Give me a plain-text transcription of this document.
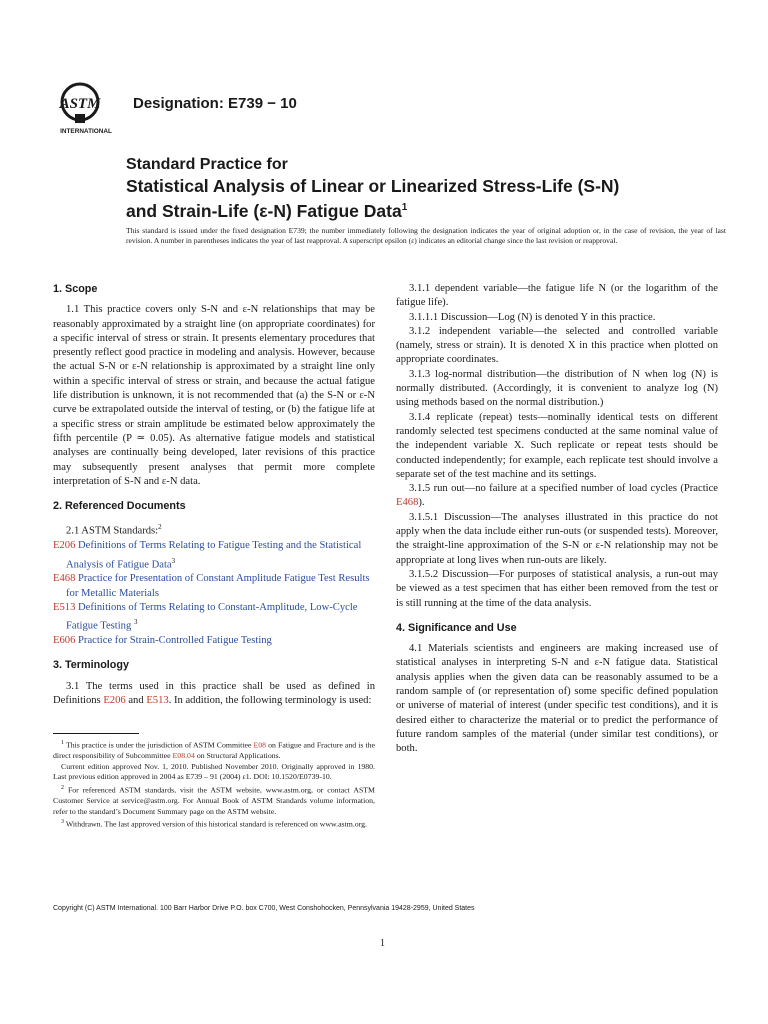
ASTM
INTERNATIONAL
Designation: E739 − 10

Standard Practice for

Statistical Analysis of Linear or Linearized Stress-Life (S-N)

and Strain-Life (ε-N) Fatigue Data$^1$

This standard is issued under the fixed designation E739; the number immediately following the designation indicates the year of original adoption or, in the case of revision, the year of last revision. A number in parentheses indicates the year of last reapproval. A superscript epsilon (ε) indicates an editorial change since the last revision or reapproval.

1. Scope

1.1 This practice covers only S-N and ε-N relationships that may be reasonably approximated by a straight line (on appropriate coordinates) for a specific interval of stress or strain. It presents elementary procedures that presently reflect good practice in modeling and analysis. However, because the actual S-N or ε-N relationship is approximated by a straight line only within a specific interval of stress or strain, and because the actual fatigue life distribution is unknown, it is not recommended that (a) the S-N or ε-N curve be extrapolated outside the interval of testing, or (b) the fatigue life at a specific stress or strain amplitude be estimated below approximately the fifth percentile (P ≃ 0.05). As alternative fatigue models and statistical analyses are continually being developed, later revisions of this practice may subsequently present analyses that permit more complete interpretation of S-N and ε-N data.

2. Referenced Documents

2.1 ASTM Standards:$^2$

E206 Definitions of Terms Relating to Fatigue Testing and the Statistical Analysis of Fatigue Data$^3$

E468 Practice for Presentation of Constant Amplitude Fatigue Test Results for Metallic Materials

E513 Definitions of Terms Relating to Constant-Amplitude, Low-Cycle Fatigue Testing $^3$

E606 Practice for Strain-Controlled Fatigue Testing

3. Terminology

3.1 The terms used in this practice shall be used as defined in Definitions E206 and E513. In addition, the following terminology is used:

3.1.1 dependent variable—the fatigue life N (or the logarithm of the fatigue life).

3.1.1.1 Discussion—Log (N) is denoted Y in this practice.

3.1.2 independent variable—the selected and controlled variable (namely, stress or strain). It is denoted X in this practice when plotted on appropriate coordinates.

3.1.3 log-normal distribution—the distribution of N when log (N) is normally distributed. (Accordingly, it is convenient to analyze log (N) using methods based on the normal distribution.)

3.1.4 replicate (repeat) tests—nominally identical tests on different randomly selected test specimens conducted at the same nominal value of the independent variable X. Such replicate or repeat tests should be conducted independently; for example, each replicate test should involve a separate set of the test machine and its settings.

3.1.5 run out—no failure at a specified number of load cycles (Practice E468).

3.1.5.1 Discussion—The analyses illustrated in this practice do not apply when the data include either run-outs (or suspended tests). Moreover, the straight-line approximation of the S-N or ε-N relationship may not be appropriate at long lives when run-outs are likely.

3.1.5.2 Discussion—For purposes of statistical analysis, a run-out may be viewed as a test specimen that has either been removed from the test or is still running at the time of the data analysis.

4. Significance and Use

4.1 Materials scientists and engineers are making increased use of statistical analyses in interpreting S-N and ε-N fatigue data. Statistical analysis applies when the given data can be reasonably assumed to be a random sample of (or representation of) some specific defined population or universe of material of interest (under specific test conditions), and it is desired either to characterize the material or to predict the performance of future random samples of the material (under similar test conditions), or both.

$^1$ This practice is under the jurisdiction of ASTM Committee E08 on Fatigue and Fracture and is the direct responsibility of Subcommittee E08.04 on Structural Applications.

Current edition approved Nov. 1, 2010. Published November 2010. Originally approved in 1980. Last previous edition approved in 2004 as E739 – 91 (2004) ε1. DOI: 10.1520/E0739-10.

$^2$ For referenced ASTM standards, visit the ASTM website, www.astm.org, or contact ASTM Customer Service at service@astm.org. For Annual Book of ASTM Standards volume information, refer to the standard’s Document Summary page on the ASTM website.

$^3$ Withdrawn. The last approved version of this historical standard is referenced on www.astm.org.

Copyright (C) ASTM International. 100 Barr Harbor Drive P.O. box C700, West Conshohocken, Pennsylvania 19428-2959, United States
1
